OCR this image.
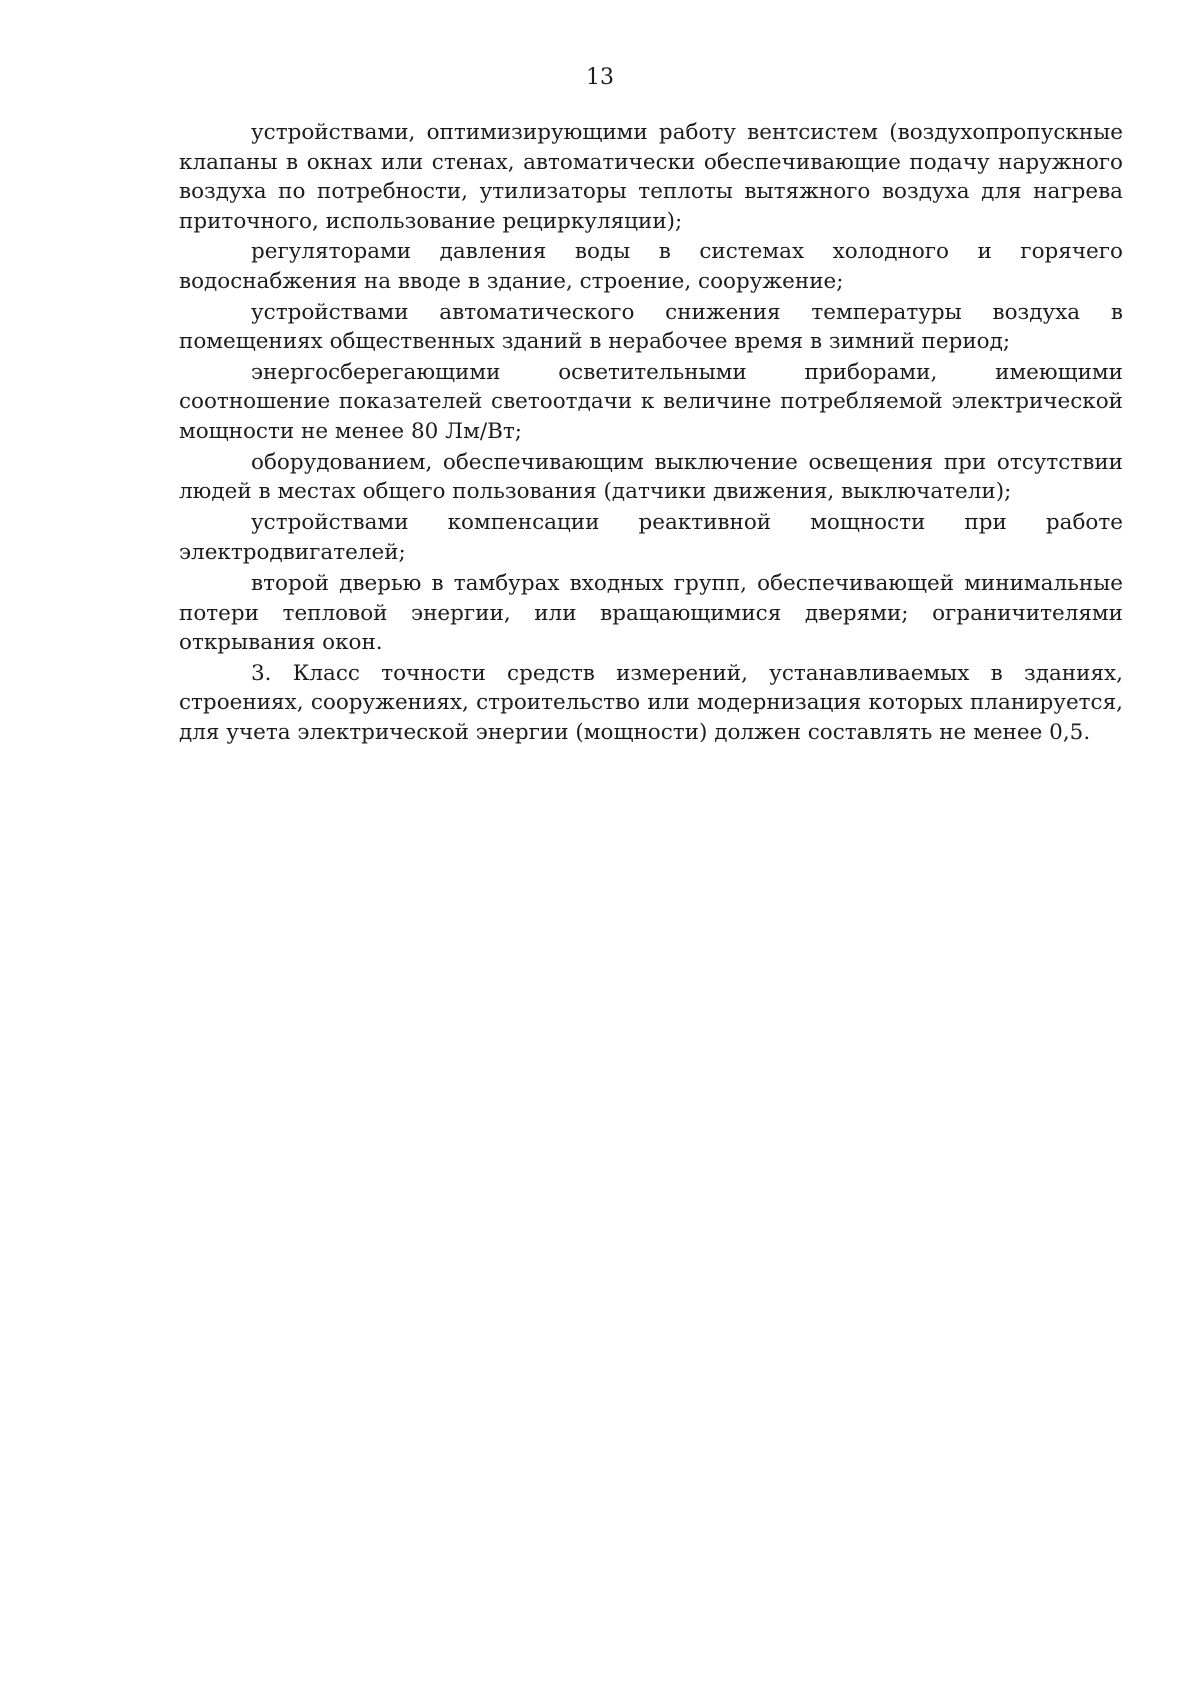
13

устройствами, оптимизирующими работу вентсистем (воздухопропускные клапаны в окнах или стенах, автоматически обеспечивающие подачу наружного воздуха по потребности, утилизаторы теплоты вытяжного воздуха для нагрева приточного, использование рециркуляции);

регуляторами давления воды в системах холодного и горячего водоснабжения на вводе в здание, строение, сооружение;

устройствами автоматического снижения температуры воздуха в помещениях общественных зданий в нерабочее время в зимний период;

энергосберегающими осветительными приборами, имеющими соотношение показателей светоотдачи к величине потребляемой электрической мощности не менее 80 Лм/Вт;

оборудованием, обеспечивающим выключение освещения при отсутствии людей в местах общего пользования (датчики движения, выключатели);

устройствами компенсации реактивной мощности при работе

электродвигателей;

второй дверью в тамбурах входных групп, обеспечивающей минимальные потери тепловой энергии, или вращающимися дверями; ограничителями открывания окон.

3. Класс точности средств измерений, устанавливаемых в зданиях, строениях, сооружениях, строительство или модернизация которых планируется, для учета электрической энергии (мощности) должен составлять не менее 0,5.
